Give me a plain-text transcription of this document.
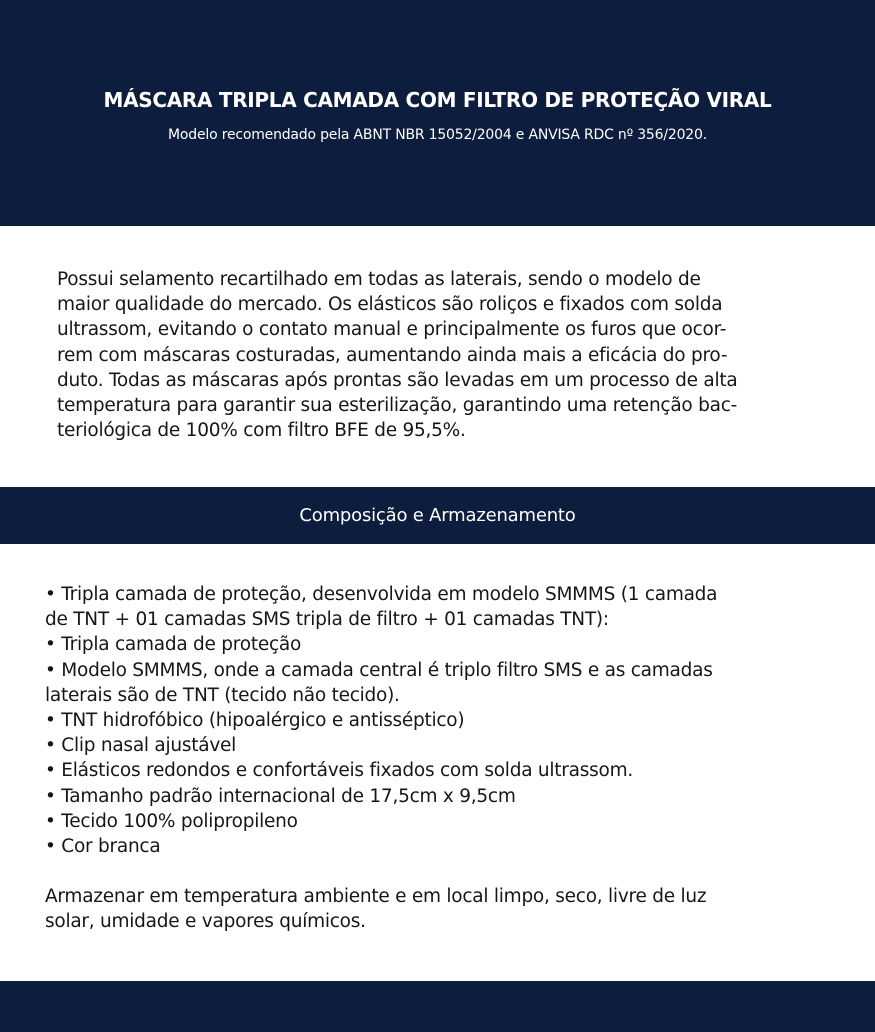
MÁSCARA TRIPLA CAMADA COM FILTRO DE PROTEÇÃO VIRAL
Modelo recomendado pela ABNT NBR 15052/2004 e ANVISA RDC nº 356/2020.

Possui selamento recartilhado em todas as laterais, sendo o modelo de
maior qualidade do mercado. Os elásticos são roliços e fixados com solda
ultrassom, evitando o contato manual e principalmente os furos que ocor-
rem com máscaras costuradas, aumentando ainda mais a eficácia do pro-
duto. Todas as máscaras após prontas são levadas em um processo de alta
temperatura para garantir sua esterilização, garantindo uma retenção bac-
teriológica de 100% com filtro BFE de 95,5%.

Composição e Armazenamento
• Tripla camada de proteção, desenvolvida em modelo SMMMS (1 camada
de TNT + 01 camadas SMS tripla de filtro + 01 camadas TNT):
• Tripla camada de proteção
• Modelo SMMMS, onde a camada central é triplo filtro SMS e as camadas
laterais são de TNT (tecido não tecido).
• TNT hidrofóbico (hipoalérgico e antisséptico)
• Clip nasal ajustável
• Elásticos redondos e confortáveis fixados com solda ultrassom.
• Tamanho padrão internacional de 17,5cm x 9,5cm
• Tecido 100% polipropileno
• Cor branca

Armazenar em temperatura ambiente e em local limpo, seco, livre de luz
solar, umidade e vapores químicos.
